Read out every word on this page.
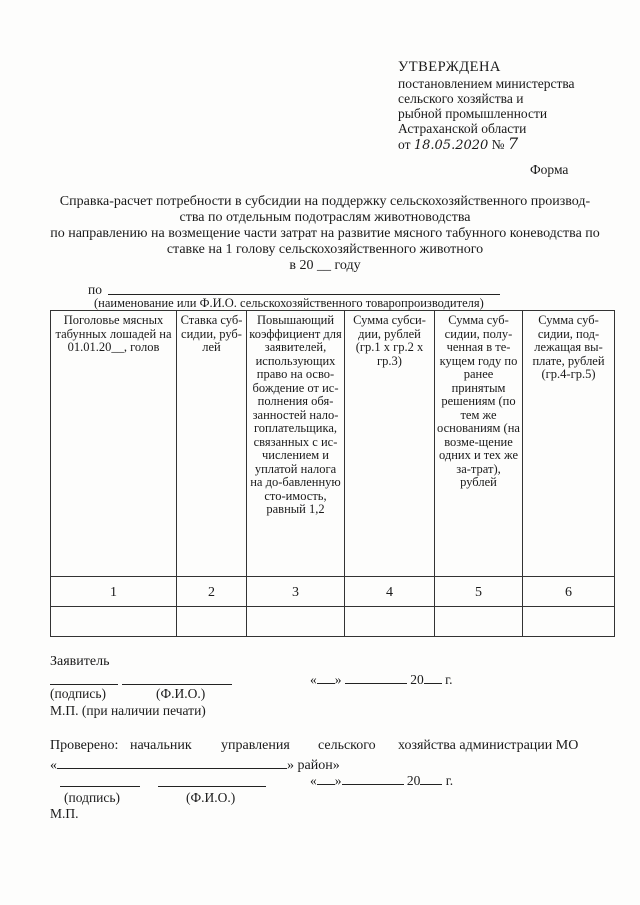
УТВЕРЖДЕНА
постановлением министерства
сельского хозяйства и
рыбной промышленности
Астраханской области
от 18.05.2020 № 7
Форма
Справка-расчет потребности в субсидии на поддержку сельскохозяйственного производ-
ства по отдельным подотраслям животноводства
по направлению на возмещение части затрат на развитие мясного табунного коневодства по
ставке на 1 голову сельскохозяйственного животного
в 20 __ году
по
(наименование или Ф.И.О. сельскохозяйственного товаропроизводителя)
Поголовье мясных табунных лошадей на 01.01.20__, голов	Ставка суб-сидии, руб-лей	Повышающий коэффициент для заявителей, использующих право на осво-бождение от ис-полнения обя-занностей нало-гоплательщика, связанных с ис-числением и уплатой налога на до-бавленную сто-имость, равный 1,2	Сумма субси-дии, рублей (гр.1 х гр.2 х гр.3)	Сумма суб-сидии, полу-ченная в те-кущем году по ранее принятым решениям (по тем же основаниям (на возме-щение одних и тех же за-трат), рублей	Сумма суб-сидии, под-лежащая вы-плате, рублей (гр.4-гр.5)
1	2	3	4	5	6

Заявитель
(подпись)	(Ф.И.О.)
М.П. (при наличии печати)
« »	20 г.
Проверено: начальник управления сельского хозяйства администрации МО
«	» район»
« »	20 г.
(подпись)	(Ф.И.О.)
М.П.
